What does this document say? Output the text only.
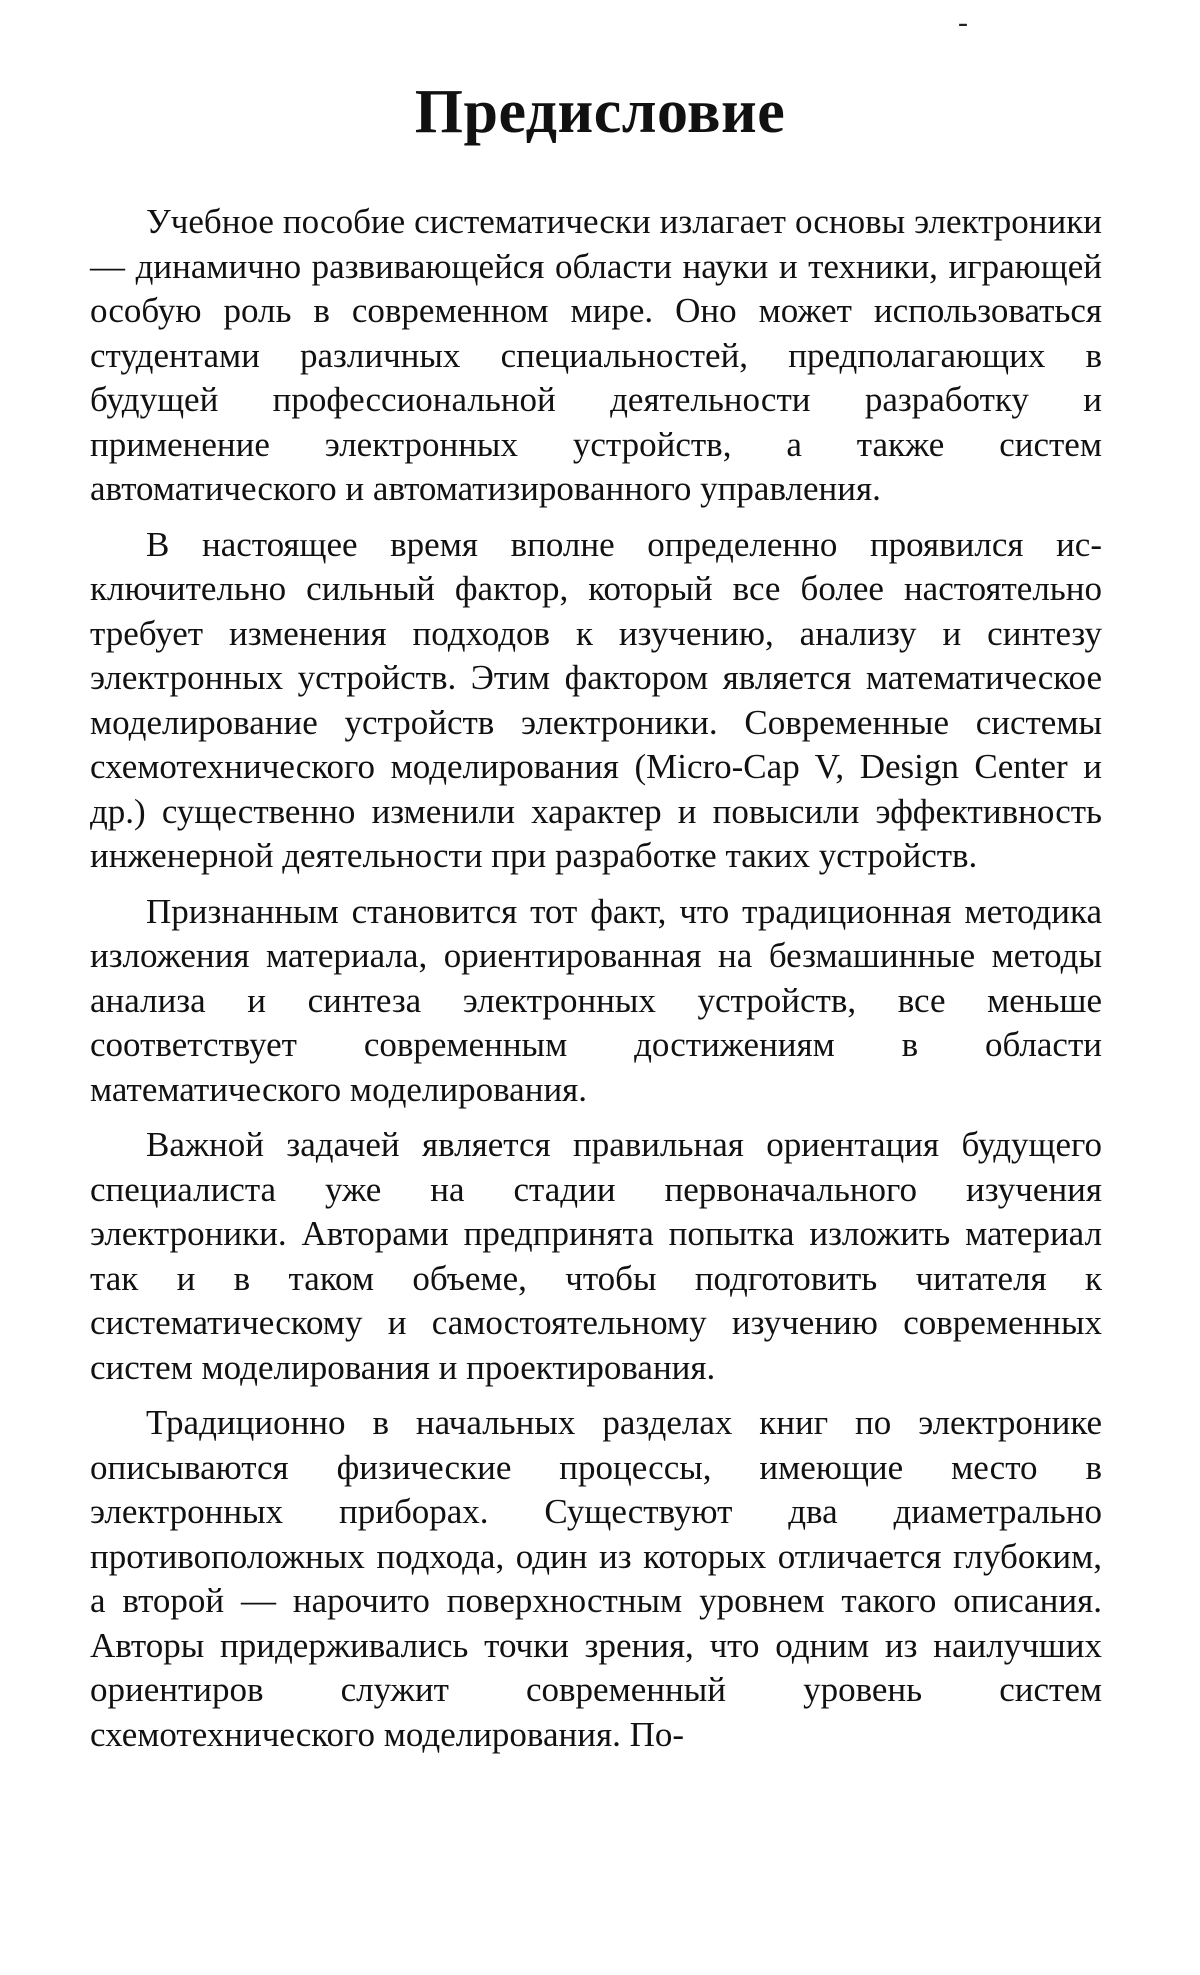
-
Предисловие

Учебное пособие систематически излагает основы электроники — динамично развивающейся области науки и техники, играющей особую роль в современном мире. Оно может использоваться студентами различных специальностей, предполагающих в будущей профессиональной деятельности разработку и применение электронных устройств, а также систем автоматического и автоматизированного управления.

В настоящее время вполне определенно проявился исключительно сильный фактор, который все более настоятельно требует изменения подходов к изучению, анализу и синтезу электронных устройств. Этим фактором является математическое моделирование устройств электроники. Современные системы схемотехнического моделирования (Micro-Cap V, Design Center и др.) существенно изменили характер и повысили эффективность инженерной деятельности при разработке таких устройств.

Признанным становится тот факт, что традиционная методика изложения материала, ориентированная на безмашинные методы анализа и синтеза электронных устройств, все меньше соответствует современным достижениям в области математического моделирования.

Важной задачей является правильная ориентация будущего специалиста уже на стадии первоначального изучения электроники. Авторами предпринята попытка изложить материал так и в таком объеме, чтобы подготовить читателя к систематическому и самостоятельному изучению современных систем моделирования и проектирования.

Традиционно в начальных разделах книг по электронике описываются физические процессы, имеющие место в электронных приборах. Существуют два диаметрально противоположных подхода, один из которых отличается глубоким, а второй — нарочито поверхностным уровнем такого описания. Авторы придерживались точки зрения, что одним из наилучших ориентиров служит современный уровень систем схемотехнического моделирования. По-
